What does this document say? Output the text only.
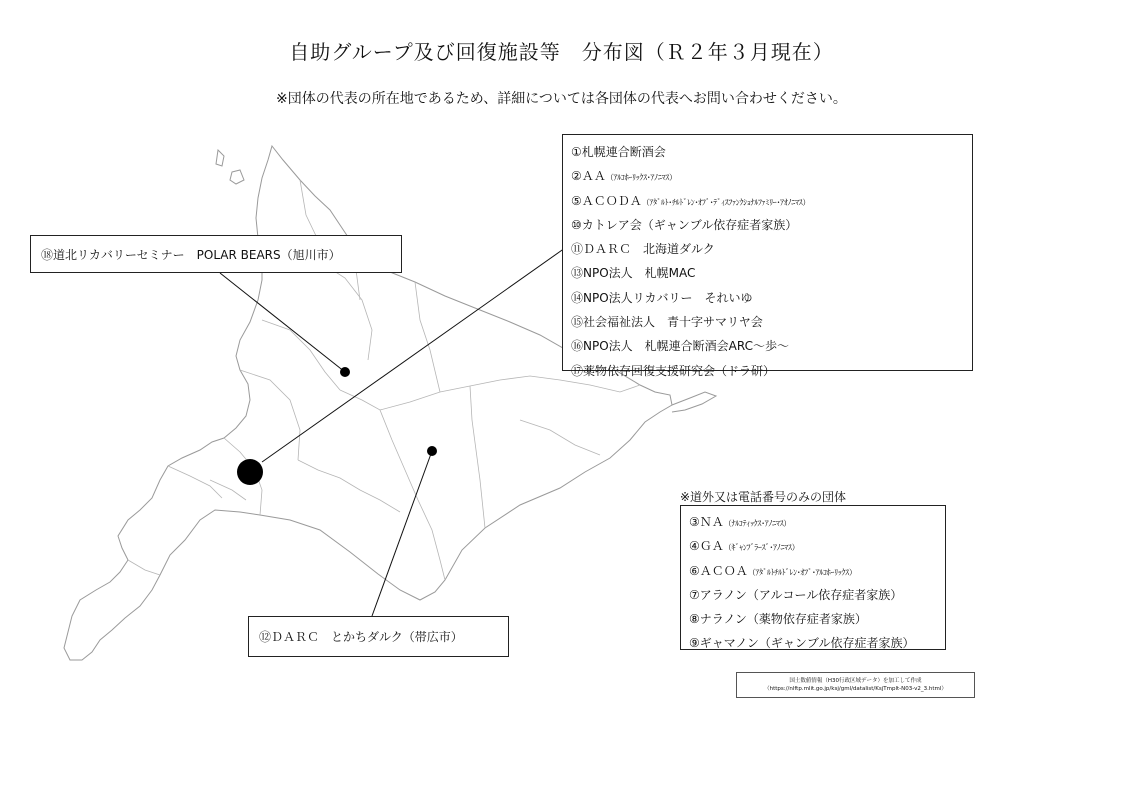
自助グループ及び回復施設等　分布図（Ｒ２年３月現在）
※団体の代表の所在地であるため、詳細については各団体の代表へお問い合わせください。
①札幌連合断酒会
②ＡＡ（ｱﾙｺﾎｰﾘｯｸｽ･ｱﾉﾆﾏｽ）
⑤ＡＣＯＤＡ（ｱﾀﾞﾙﾄ･ﾁﾙﾄﾞﾚﾝ･ｵﾌﾞ･ﾃﾞｨｽﾌｧﾝｸｼｮﾅﾙﾌｧﾐﾘｰ･ｱｵﾉﾆﾏｽ）
⑩カトレア会（ギャンブル依存症者家族）
⑪ＤＡＲＣ　北海道ダルク
⑬NPO法人　札幌MAC
⑭NPO法人リカバリー　それいゆ
⑮社会福祉法人　青十字サマリヤ会
⑯NPO法人　札幌連合断酒会ARC～歩～
⑰薬物依存回復支援研究会（ドラ研）
⑱道北リカバリーセミナー　POLAR BEARS（旭川市）
⑫ＤＡＲＣ　とかちダルク（帯広市）
※道外又は電話番号のみの団体
③ＮＡ（ﾅﾙｺﾃｨｯｸｽ･ｱﾉﾆﾏｽ）
④ＧＡ（ｷﾞｬﾝﾌﾞﾗｰｽﾞ･ｱﾉﾆﾏｽ）
⑥ＡＣＯＡ（ｱﾀﾞﾙﾄﾁﾙﾄﾞﾚﾝ･ｵﾌﾞ･ｱﾙｺﾎｰﾘｯｸｽ）
⑦アラノン（アルコール依存症者家族）
⑧ナラノン（薬物依存症者家族）
⑨ギャマノン（ギャンブル依存症者家族）
国土数値情報（H30行政区域データ）を加工して作成
（https://nlftp.mlit.go.jp/ksj/gml/datalist/KsjTmplt-N03-v2_3.html）
